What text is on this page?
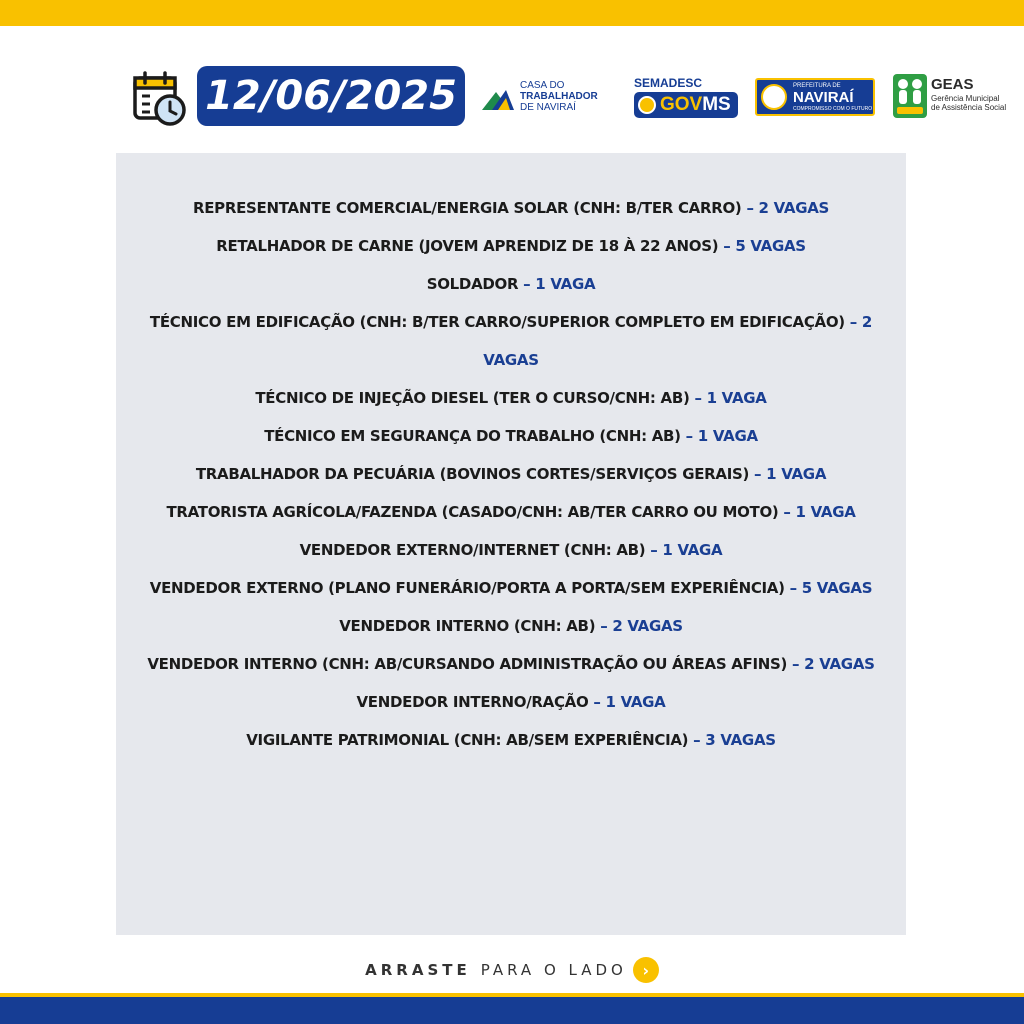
12/06/2025	CASA DO
TRABALHADOR
DE NAVIRAÍ
SEMADESC
GOV MS
PREFEITURA DE
NAVIRAÍ
COMPROMISSO COM O FUTURO
GEAS
Gerência Municipal
de Assistência Social
REPRESENTANTE COMERCIAL/ENERGIA SOLAR (CNH: B/TER CARRO) – 2 VAGAS
RETALHADOR DE CARNE (JOVEM APRENDIZ DE 18 À 22 ANOS) – 5 VAGAS
SOLDADOR – 1 VAGA
TÉCNICO EM EDIFICAÇÃO (CNH: B/TER CARRO/SUPERIOR COMPLETO EM EDIFICAÇÃO) – 2 VAGAS
TÉCNICO DE INJEÇÃO DIESEL (TER O CURSO/CNH: AB) – 1 VAGA
TÉCNICO EM SEGURANÇA DO TRABALHO (CNH: AB) – 1 VAGA
TRABALHADOR DA PECUÁRIA (BOVINOS CORTES/SERVIÇOS GERAIS) – 1 VAGA
TRATORISTA AGRÍCOLA/FAZENDA (CASADO/CNH: AB/TER CARRO OU MOTO) – 1 VAGA
VENDEDOR EXTERNO/INTERNET (CNH: AB) – 1 VAGA
VENDEDOR EXTERNO (PLANO FUNERÁRIO/PORTA A PORTA/SEM EXPERIÊNCIA) – 5 VAGAS
VENDEDOR INTERNO (CNH: AB) – 2 VAGAS
VENDEDOR INTERNO (CNH: AB/CURSANDO ADMINISTRAÇÃO OU ÁREAS AFINS) – 2 VAGAS
VENDEDOR INTERNO/RAÇÃO – 1 VAGA
VIGILANTE PATRIMONIAL (CNH: AB/SEM EXPERIÊNCIA) – 3 VAGAS
ARRASTE PARA O LADO ›
